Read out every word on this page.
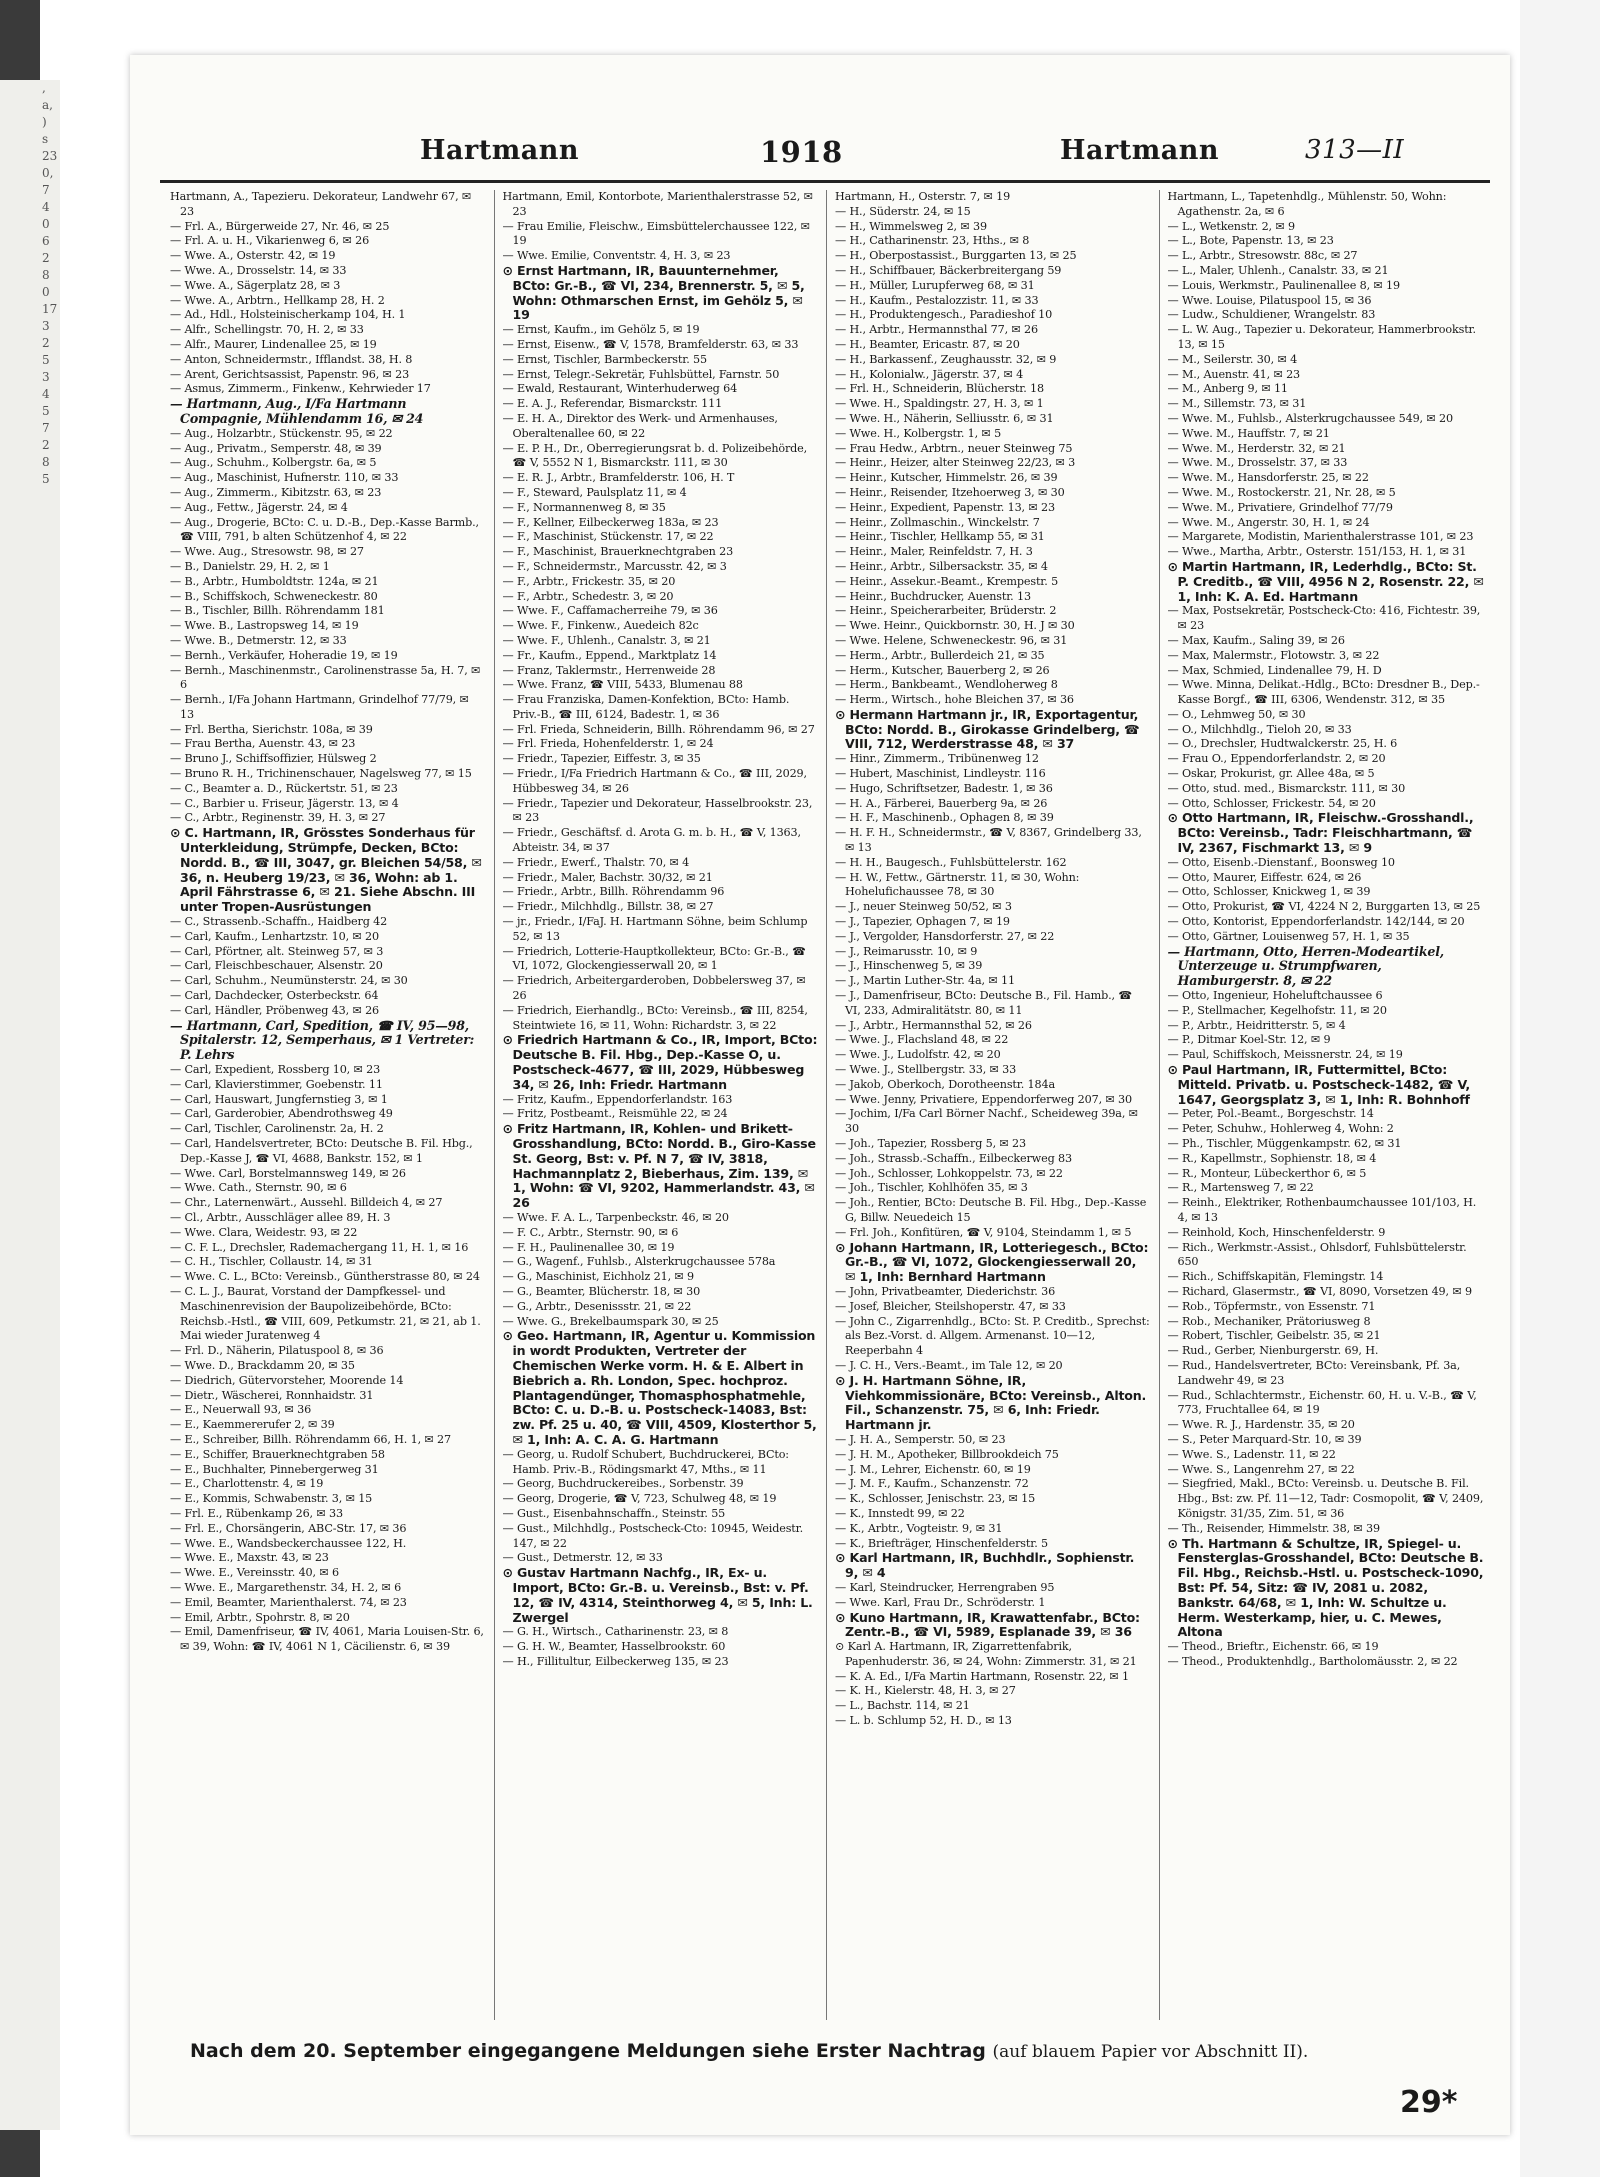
,
a,
)
s
23
0,
7
4
0
6
2
8
0
17
3
2
5
3
4
5
7
2
8
5
Hartmann	1918	Hartmann	313—II

Hartmann, A., Tapezieru. Dekorateur, Landwehr 67, ✉ 23

— Frl. A., Bürgerweide 27, Nr. 46, ✉ 25

— Frl. A. u. H., Vikarienweg 6, ✉ 26

— Wwe. A., Osterstr. 42, ✉ 19

— Wwe. A., Drosselstr. 14, ✉ 33

— Wwe. A., Sägerplatz 28, ✉ 3

— Wwe. A., Arbtrn., Hellkamp 28, H. 2

— Ad., Hdl., Holsteinischerkamp 104, H. 1

— Alfr., Schellingstr. 70, H. 2, ✉ 33

— Alfr., Maurer, Lindenallee 25, ✉ 19

— Anton, Schneidermstr., Ifflandst. 38, H. 8

— Arent, Gerichtsassist, Papenstr. 96, ✉ 23

— Asmus, Zimmerm., Finkenw., Kehrwieder 17

— Hartmann, Aug., I/Fa Hartmann Compagnie, Mühlendamm 16, ✉ 24

— Aug., Holzarbtr., Stückenstr. 95, ✉ 22

— Aug., Privatm., Semperstr. 48, ✉ 39

— Aug., Schuhm., Kolbergstr. 6a, ✉ 5

— Aug., Maschinist, Hufnerstr. 110, ✉ 33

— Aug., Zimmerm., Kibitzstr. 63, ✉ 23

— Aug., Fettw., Jägerstr. 24, ✉ 4

— Aug., Drogerie, BCto: C. u. D.-B., Dep.-Kasse Barmb., ☎ VIII, 791, b alten Schützenhof 4, ✉ 22

— Wwe. Aug., Stresowstr. 98, ✉ 27

— B., Danielstr. 29, H. 2, ✉ 1

— B., Arbtr., Humboldtstr. 124a, ✉ 21

— B., Schiffskoch, Schweneckestr. 80

— B., Tischler, Billh. Röhrendamm 181

— Wwe. B., Lastropsweg 14, ✉ 19

— Wwe. B., Detmerstr. 12, ✉ 33

— Bernh., Verkäufer, Hoheradie 19, ✉ 19

— Bernh., Maschinenmstr., Carolinenstrasse 5a, H. 7, ✉ 6

— Bernh., I/Fa Johann Hartmann, Grindelhof 77/79, ✉ 13

— Frl. Bertha, Sierichstr. 108a, ✉ 39

— Frau Bertha, Auenstr. 43, ✉ 23

— Bruno J., Schiffsoffizier, Hülsweg 2

— Bruno R. H., Trichinenschauer, Nagelsweg 77, ✉ 15

— C., Beamter a. D., Rückertstr. 51, ✉ 23

— C., Barbier u. Friseur, Jägerstr. 13, ✉ 4

— C., Arbtr., Reginenstr. 39, H. 3, ✉ 27

⊙ C. Hartmann, IR, Grösstes Sonderhaus für Unterkleidung, Strümpfe, Decken, BCto: Nordd. B., ☎ III, 3047, gr. Bleichen 54/58, ✉ 36, n. Heuberg 19/23, ✉ 36, Wohn: ab 1. April Fährstrasse 6, ✉ 21. Siehe Abschn. III unter Tropen-Ausrüstungen

— C., Strassenb.-Schaffn., Haidberg 42

— Carl, Kaufm., Lenhartzstr. 10, ✉ 20

— Carl, Pförtner, alt. Steinweg 57, ✉ 3

— Carl, Fleischbeschauer, Alsenstr. 20

— Carl, Schuhm., Neumünsterstr. 24, ✉ 30

— Carl, Dachdecker, Osterbeckstr. 64

— Carl, Händler, Pröbenweg 43, ✉ 26

— Hartmann, Carl, Spedition, ☎ IV, 95—98, Spitalerstr. 12, Semperhaus, ✉ 1 Vertreter: P. Lehrs

— Carl, Expedient, Rossberg 10, ✉ 23

— Carl, Klavierstimmer, Goebenstr. 11

— Carl, Hauswart, Jungfernstieg 3, ✉ 1

— Carl, Garderobier, Abendrothsweg 49

— Carl, Tischler, Carolinenstr. 2a, H. 2

— Carl, Handelsvertreter, BCto: Deutsche B. Fil. Hbg., Dep.-Kasse J, ☎ VI, 4688, Bankstr. 152, ✉ 1

— Wwe. Carl, Borstelmannsweg 149, ✉ 26

— Wwe. Cath., Sternstr. 90, ✉ 6

— Chr., Laternenwärt., Aussehl. Billdeich 4, ✉ 27

— Cl., Arbtr., Ausschläger allee 89, H. 3

— Wwe. Clara, Weidestr. 93, ✉ 22

— C. F. L., Drechsler, Rademachergang 11, H. 1, ✉ 16

— C. H., Tischler, Collaustr. 14, ✉ 31

— Wwe. C. L., BCto: Vereinsb., Güntherstrasse 80, ✉ 24

— C. L. J., Baurat, Vorstand der Dampfkessel- und Maschinenrevision der Baupolizeibehörde, BCto: Reichsb.-Hstl., ☎ VIII, 609, Petkumstr. 21, ✉ 21, ab 1. Mai wieder Juratenweg 4

— Frl. D., Näherin, Pilatuspool 8, ✉ 36

— Wwe. D., Brackdamm 20, ✉ 35

— Diedrich, Gütervorsteher, Moorende 14

— Dietr., Wäscherei, Ronnhaidstr. 31

— E., Neuerwall 93, ✉ 36

— E., Kaemmererufer 2, ✉ 39

— E., Schreiber, Billh. Röhrendamm 66, H. 1, ✉ 27

— E., Schiffer, Brauerknechtgraben 58

— E., Buchhalter, Pinnebergerweg 31

— E., Charlottenstr. 4, ✉ 19

— E., Kommis, Schwabenstr. 3, ✉ 15

— Frl. E., Rübenkamp 26, ✉ 33

— Frl. E., Chorsängerin, ABC-Str. 17, ✉ 36

— Wwe. E., Wandsbeckerchaussee 122, H.

— Wwe. E., Maxstr. 43, ✉ 23

— Wwe. E., Vereinsstr. 40, ✉ 6

— Wwe. E., Margarethenstr. 34, H. 2, ✉ 6

— Emil, Beamter, Marienthalerst. 74, ✉ 23

— Emil, Arbtr., Spohrstr. 8, ✉ 20

— Emil, Damenfriseur, ☎ IV, 4061, Maria Louisen-Str. 6, ✉ 39, Wohn: ☎ IV, 4061 N 1, Cäcilienstr. 6, ✉ 39

Hartmann, Emil, Kontorbote, Marienthalerstrasse 52, ✉ 23

— Frau Emilie, Fleischw., Eimsbüttelerchaussee 122, ✉ 19

— Wwe. Emilie, Conventstr. 4, H. 3, ✉ 23

⊙ Ernst Hartmann, IR, Bauunternehmer, BCto: Gr.-B., ☎ VI, 234, Brennerstr. 5, ✉ 5, Wohn: Othmarschen Ernst, im Gehölz 5, ✉ 19

— Ernst, Kaufm., im Gehölz 5, ✉ 19

— Ernst, Eisenw., ☎ V, 1578, Bramfelderstr. 63, ✉ 33

— Ernst, Tischler, Barmbeckerstr. 55

— Ernst, Telegr.-Sekretär, Fuhlsbüttel, Farnstr. 50

— Ewald, Restaurant, Winterhuderweg 64

— E. A. J., Referendar, Bismarckstr. 111

— E. H. A., Direktor des Werk- und Armenhauses, Oberaltenallee 60, ✉ 22

— E. P. H., Dr., Oberregierungsrat b. d. Polizeibehörde, ☎ V, 5552 N 1, Bismarckstr. 111, ✉ 30

— E. R. J., Arbtr., Bramfelderstr. 106, H. T

— F., Steward, Paulsplatz 11, ✉ 4

— F., Normannenweg 8, ✉ 35

— F., Kellner, Eilbeckerweg 183a, ✉ 23

— F., Maschinist, Stückenstr. 17, ✉ 22

— F., Maschinist, Brauerknechtgraben 23

— F., Schneidermstr., Marcusstr. 42, ✉ 3

— F., Arbtr., Frickestr. 35, ✉ 20

— F., Arbtr., Schedestr. 3, ✉ 20

— Wwe. F., Caffamacherreihe 79, ✉ 36

— Wwe. F., Finkenw., Auedeich 82c

— Wwe. F., Uhlenh., Canalstr. 3, ✉ 21

— Fr., Kaufm., Eppend., Marktplatz 14

— Franz, Taklermstr., Herrenweide 28

— Wwe. Franz, ☎ VIII, 5433, Blumenau 88

— Frau Franziska, Damen-Konfektion, BCto: Hamb. Priv.-B., ☎ III, 6124, Badestr. 1, ✉ 36

— Frl. Frieda, Schneiderin, Billh. Röhrendamm 96, ✉ 27

— Frl. Frieda, Hohenfelderstr. 1, ✉ 24

— Friedr., Tapezier, Eiffestr. 3, ✉ 35

— Friedr., I/Fa Friedrich Hartmann & Co., ☎ III, 2029, Hübbesweg 34, ✉ 26

— Friedr., Tapezier und Dekorateur, Hasselbrookstr. 23, ✉ 23

— Friedr., Geschäftsf. d. Arota G. m. b. H., ☎ V, 1363, Abteistr. 34, ✉ 37

— Friedr., Ewerf., Thalstr. 70, ✉ 4

— Friedr., Maler, Bachstr. 30/32, ✉ 21

— Friedr., Arbtr., Billh. Röhrendamm 96

— Friedr., Milchhdlg., Billstr. 38, ✉ 27

— jr., Friedr., I/FaJ. H. Hartmann Söhne, beim Schlump 52, ✉ 13

— Friedrich, Lotterie-Hauptkollekteur, BCto: Gr.-B., ☎ VI, 1072, Glockengiesserwall 20, ✉ 1

— Friedrich, Arbeitergarderoben, Dobbelersweg 37, ✉ 26

— Friedrich, Eierhandlg., BCto: Vereinsb., ☎ III, 8254, Steintwiete 16, ✉ 11, Wohn: Richardstr. 3, ✉ 22

⊙ Friedrich Hartmann & Co., IR, Import, BCto: Deutsche B. Fil. Hbg., Dep.-Kasse O, u. Postscheck-4677, ☎ III, 2029, Hübbesweg 34, ✉ 26, Inh: Friedr. Hartmann

— Fritz, Kaufm., Eppendorferlandstr. 163

— Fritz, Postbeamt., Reismühle 22, ✉ 24

⊙ Fritz Hartmann, IR, Kohlen- und Brikett-Grosshandlung, BCto: Nordd. B., Giro-Kasse St. Georg, Bst: v. Pf. N 7, ☎ IV, 3818, Hachmannplatz 2, Bieberhaus, Zim. 139, ✉ 1, Wohn: ☎ VI, 9202, Hammerlandstr. 43, ✉ 26

— Wwe. F. A. L., Tarpenbeckstr. 46, ✉ 20

— F. C., Arbtr., Sternstr. 90, ✉ 6

— F. H., Paulinenallee 30, ✉ 19

— G., Wagenf., Fuhlsb., Alsterkrugchaussee 578a

— G., Maschinist, Eichholz 21, ✉ 9

— G., Beamter, Blücherstr. 18, ✉ 30

— G., Arbtr., Desenissstr. 21, ✉ 22

— Wwe. G., Brekelbaumspark 30, ✉ 25

⊙ Geo. Hartmann, IR, Agentur u. Kommission in wordt Produkten, Vertreter der Chemischen Werke vorm. H. & E. Albert in Biebrich a. Rh. London, Spec. hochproz. Plantagendünger, Thomasphosphatmehle, BCto: C. u. D.-B. u. Postscheck-14083, Bst: zw. Pf. 25 u. 40, ☎ VIII, 4509, Klosterthor 5, ✉ 1, Inh: A. C. A. G. Hartmann

— Georg, u. Rudolf Schubert, Buchdruckerei, BCto: Hamb. Priv.-B., Rödingsmarkt 47, Mths., ✉ 11

— Georg, Buchdruckereibes., Sorbenstr. 39

— Georg, Drogerie, ☎ V, 723, Schulweg 48, ✉ 19

— Gust., Eisenbahnschaffn., Steinstr. 55

— Gust., Milchhdlg., Postscheck-Cto: 10945, Weidestr. 147, ✉ 22

— Gust., Detmerstr. 12, ✉ 33

⊙ Gustav Hartmann Nachfg., IR, Ex- u. Import, BCto: Gr.-B. u. Vereinsb., Bst: v. Pf. 12, ☎ IV, 4314, Steinthorweg 4, ✉ 5, Inh: L. Zwergel

— G. H., Wirtsch., Catharinenstr. 23, ✉ 8

— G. H. W., Beamter, Hasselbrookstr. 60

— H., Fillitultur, Eilbeckerweg 135, ✉ 23

Hartmann, H., Osterstr. 7, ✉ 19

— H., Süderstr. 24, ✉ 15

— H., Wimmelsweg 2, ✉ 39

— H., Catharinenstr. 23, Hths., ✉ 8

— H., Oberpostassist., Burggarten 13, ✉ 25

— H., Schiffbauer, Bäckerbreitergang 59

— H., Müller, Lurupferweg 68, ✉ 31

— H., Kaufm., Pestalozzistr. 11, ✉ 33

— H., Produktengesch., Paradieshof 10

— H., Arbtr., Hermannsthal 77, ✉ 26

— H., Beamter, Ericastr. 87, ✉ 20

— H., Barkassenf., Zeughausstr. 32, ✉ 9

— H., Kolonialw., Jägerstr. 37, ✉ 4

— Frl. H., Schneiderin, Blücherstr. 18

— Wwe. H., Spaldingstr. 27, H. 3, ✉ 1

— Wwe. H., Näherin, Selliusstr. 6, ✉ 31

— Wwe. H., Kolbergstr. 1, ✉ 5

— Frau Hedw., Arbtrn., neuer Steinweg 75

— Heinr., Heizer, alter Steinweg 22/23, ✉ 3

— Heinr., Kutscher, Himmelstr. 26, ✉ 39

— Heinr., Reisender, Itzehoerweg 3, ✉ 30

— Heinr., Expedient, Papenstr. 13, ✉ 23

— Heinr., Zollmaschin., Winckelstr. 7

— Heinr., Tischler, Hellkamp 55, ✉ 31

— Heinr., Maler, Reinfeldstr. 7, H. 3

— Heinr., Arbtr., Silbersackstr. 35, ✉ 4

— Heinr., Assekur.-Beamt., Krempestr. 5

— Heinr., Buchdrucker, Auenstr. 13

— Heinr., Speicherarbeiter, Brüderstr. 2

— Wwe. Heinr., Quickbornstr. 30, H. J ✉ 30

— Wwe. Helene, Schweneckestr. 96, ✉ 31

— Herm., Arbtr., Bullerdeich 21, ✉ 35

— Herm., Kutscher, Bauerberg 2, ✉ 26

— Herm., Bankbeamt., Wendloherweg 8

— Herm., Wirtsch., hohe Bleichen 37, ✉ 36

⊙ Hermann Hartmann jr., IR, Exportagentur, BCto: Nordd. B., Girokasse Grindelberg, ☎ VIII, 712, Werderstrasse 48, ✉ 37

— Hinr., Zimmerm., Tribünenweg 12

— Hubert, Maschinist, Lindleystr. 116

— Hugo, Schriftsetzer, Badestr. 1, ✉ 36

— H. A., Färberei, Bauerberg 9a, ✉ 26

— H. F., Maschinenb., Ophagen 8, ✉ 39

— H. F. H., Schneidermstr., ☎ V, 8367, Grindelberg 33, ✉ 13

— H. H., Baugesch., Fuhlsbüttelerstr. 162

— H. W., Fettw., Gärtnerstr. 11, ✉ 30, Wohn: Hohelufichaussee 78, ✉ 30

— J., neuer Steinweg 50/52, ✉ 3

— J., Tapezier, Ophagen 7, ✉ 19

— J., Vergolder, Hansdorferstr. 27, ✉ 22

— J., Reimarusstr. 10, ✉ 9

— J., Hinschenweg 5, ✉ 39

— J., Martin Luther-Str. 4a, ✉ 11

— J., Damenfriseur, BCto: Deutsche B., Fil. Hamb., ☎ VI, 233, Admiralitätstr. 80, ✉ 11

— J., Arbtr., Hermannsthal 52, ✉ 26

— Wwe. J., Flachsland 48, ✉ 22

— Wwe. J., Ludolfstr. 42, ✉ 20

— Wwe. J., Stellbergstr. 33, ✉ 33

— Jakob, Oberkoch, Dorotheenstr. 184a

— Wwe. Jenny, Privatiere, Eppendorferweg 207, ✉ 30

— Jochim, I/Fa Carl Börner Nachf., Scheideweg 39a, ✉ 30

— Joh., Tapezier, Rossberg 5, ✉ 23

— Joh., Strassb.-Schaffn., Eilbeckerweg 83

— Joh., Schlosser, Lohkoppelstr. 73, ✉ 22

— Joh., Tischler, Kohlhöfen 35, ✉ 3

— Joh., Rentier, BCto: Deutsche B. Fil. Hbg., Dep.-Kasse G, Billw. Neuedeich 15

— Frl. Joh., Konfitüren, ☎ V, 9104, Steindamm 1, ✉ 5

⊙ Johann Hartmann, IR, Lotteriegesch., BCto: Gr.-B., ☎ VI, 1072, Glockengiesserwall 20, ✉ 1, Inh: Bernhard Hartmann

— John, Privatbeamter, Diederichstr. 36

— Josef, Bleicher, Steilshoperstr. 47, ✉ 33

— John C., Zigarrenhdlg., BCto: St. P. Creditb., Sprechst: als Bez.-Vorst. d. Allgem. Armenanst. 10—12, Reeperbahn 4

— J. C. H., Vers.-Beamt., im Tale 12, ✉ 20

⊙ J. H. Hartmann Söhne, IR, Viehkommissionäre, BCto: Vereinsb., Alton. Fil., Schanzenstr. 75, ✉ 6, Inh: Friedr. Hartmann jr.

— J. H. A., Semperstr. 50, ✉ 23

— J. H. M., Apotheker, Billbrookdeich 75

— J. M., Lehrer, Eichenstr. 60, ✉ 19

— J. M. F., Kaufm., Schanzenstr. 72

— K., Schlosser, Jenischstr. 23, ✉ 15

— K., Innstedt 99, ✉ 22

— K., Arbtr., Vogteistr. 9, ✉ 31

— K., Briefträger, Hinschenfelderstr. 5

⊙ Karl Hartmann, IR, Buchhdlr., Sophienstr. 9, ✉ 4

— Karl, Steindrucker, Herrengraben 95

— Wwe. Karl, Frau Dr., Schröderstr. 1

⊙ Kuno Hartmann, IR, Krawattenfabr., BCto: Zentr.-B., ☎ VI, 5989, Esplanade 39, ✉ 36

⊙ Karl A. Hartmann, IR, Zigarrettenfabrik, Papenhuderstr. 36, ✉ 24, Wohn: Zimmerstr. 31, ✉ 21

— K. A. Ed., I/Fa Martin Hartmann, Rosenstr. 22, ✉ 1

— K. H., Kielerstr. 48, H. 3, ✉ 27

— L., Bachstr. 114, ✉ 21

— L. b. Schlump 52, H. D., ✉ 13

Hartmann, L., Tapetenhdlg., Mühlenstr. 50, Wohn: Agathenstr. 2a, ✉ 6

— L., Wetkenstr. 2, ✉ 9

— L., Bote, Papenstr. 13, ✉ 23

— L., Arbtr., Stresowstr. 88c, ✉ 27

— L., Maler, Uhlenh., Canalstr. 33, ✉ 21

— Louis, Werkmstr., Paulinenallee 8, ✉ 19

— Wwe. Louise, Pilatuspool 15, ✉ 36

— Ludw., Schuldiener, Wrangelstr. 83

— L. W. Aug., Tapezier u. Dekorateur, Hammerbrookstr. 13, ✉ 15

— M., Seilerstr. 30, ✉ 4

— M., Auenstr. 41, ✉ 23

— M., Anberg 9, ✉ 11

— M., Sillemstr. 73, ✉ 31

— Wwe. M., Fuhlsb., Alsterkrugchaussee 549, ✉ 20

— Wwe. M., Hauffstr. 7, ✉ 21

— Wwe. M., Herderstr. 32, ✉ 21

— Wwe. M., Drosselstr. 37, ✉ 33

— Wwe. M., Hansdorferstr. 25, ✉ 22

— Wwe. M., Rostockerstr. 21, Nr. 28, ✉ 5

— Wwe. M., Privatiere, Grindelhof 77/79

— Wwe. M., Angerstr. 30, H. 1, ✉ 24

— Margarete, Modistin, Marienthalerstrasse 101, ✉ 23

— Wwe., Martha, Arbtr., Osterstr. 151/153, H. 1, ✉ 31

⊙ Martin Hartmann, IR, Lederhdlg., BCto: St. P. Creditb., ☎ VIII, 4956 N 2, Rosenstr. 22, ✉ 1, Inh: K. A. Ed. Hartmann

— Max, Postsekretär, Postscheck-Cto: 416, Fichtestr. 39, ✉ 23

— Max, Kaufm., Saling 39, ✉ 26

— Max, Malermstr., Flotowstr. 3, ✉ 22

— Max, Schmied, Lindenallee 79, H. D

— Wwe. Minna, Delikat.-Hdlg., BCto: Dresdner B., Dep.-Kasse Borgf., ☎ III, 6306, Wendenstr. 312, ✉ 35

— O., Lehmweg 50, ✉ 30

— O., Milchhdlg., Tieloh 20, ✉ 33

— O., Drechsler, Hudtwalckerstr. 25, H. 6

— Frau O., Eppendorferlandstr. 2, ✉ 20

— Oskar, Prokurist, gr. Allee 48a, ✉ 5

— Otto, stud. med., Bismarckstr. 111, ✉ 30

— Otto, Schlosser, Frickestr. 54, ✉ 20

⊙ Otto Hartmann, IR, Fleischw.-Grosshandl., BCto: Vereinsb., Tadr: Fleischhartmann, ☎ IV, 2367, Fischmarkt 13, ✉ 9

— Otto, Eisenb.-Dienstanf., Boonsweg 10

— Otto, Maurer, Eiffestr. 624, ✉ 26

— Otto, Schlosser, Knickweg 1, ✉ 39

— Otto, Prokurist, ☎ VI, 4224 N 2, Burggarten 13, ✉ 25

— Otto, Kontorist, Eppendorferlandstr. 142/144, ✉ 20

— Otto, Gärtner, Louisenweg 57, H. 1, ✉ 35

— Hartmann, Otto, Herren-Modeartikel, Unterzeuge u. Strumpfwaren, Hamburgerstr. 8, ✉ 22

— Otto, Ingenieur, Hoheluftchaussee 6

— P., Stellmacher, Kegelhofstr. 11, ✉ 20

— P., Arbtr., Heidritterstr. 5, ✉ 4

— P., Ditmar Koel-Str. 12, ✉ 9

— Paul, Schiffskoch, Meissnerstr. 24, ✉ 19

⊙ Paul Hartmann, IR, Futtermittel, BCto: Mitteld. Privatb. u. Postscheck-1482, ☎ V, 1647, Georgsplatz 3, ✉ 1, Inh: R. Bohnhoff

— Peter, Pol.-Beamt., Borgeschstr. 14

— Peter, Schuhw., Hohlerweg 4, Wohn: 2

— Ph., Tischler, Müggenkampstr. 62, ✉ 31

— R., Kapellmstr., Sophienstr. 18, ✉ 4

— R., Monteur, Lübeckerthor 6, ✉ 5

— R., Martensweg 7, ✉ 22

— Reinh., Elektriker, Rothenbaumchaussee 101/103, H. 4, ✉ 13

— Reinhold, Koch, Hinschenfelderstr. 9

— Rich., Werkmstr.-Assist., Ohlsdorf, Fuhlsbüttelerstr. 650

— Rich., Schiffskapitän, Flemingstr. 14

— Richard, Glasermstr., ☎ VI, 8090, Vorsetzen 49, ✉ 9

— Rob., Töpfermstr., von Essenstr. 71

— Rob., Mechaniker, Prätoriusweg 8

— Robert, Tischler, Geibelstr. 35, ✉ 21

— Rud., Gerber, Nienburgerstr. 69, H.

— Rud., Handelsvertreter, BCto: Vereinsbank, Pf. 3a, Landwehr 49, ✉ 23

— Rud., Schlachtermstr., Eichenstr. 60, H. u. V.-B., ☎ V, 773, Fruchtallee 64, ✉ 19

— Wwe. R. J., Hardenstr. 35, ✉ 20

— S., Peter Marquard-Str. 10, ✉ 39

— Wwe. S., Ladenstr. 11, ✉ 22

— Wwe. S., Langenrehm 27, ✉ 22

— Siegfried, Makl., BCto: Vereinsb. u. Deutsche B. Fil. Hbg., Bst: zw. Pf. 11—12, Tadr: Cosmopolit, ☎ V, 2409, Königstr. 31/35, Zim. 51, ✉ 36

— Th., Reisender, Himmelstr. 38, ✉ 39

⊙ Th. Hartmann & Schultze, IR, Spiegel- u. Fensterglas-Grosshandel, BCto: Deutsche B. Fil. Hbg., Reichsb.-Hstl. u. Postscheck-1090, Bst: Pf. 54, Sitz: ☎ IV, 2081 u. 2082, Bankstr. 64/68, ✉ 1, Inh: W. Schultze u. Herm. Westerkamp, hier, u. C. Mewes, Altona

— Theod., Brieftr., Eichenstr. 66, ✉ 19

— Theod., Produktenhdlg., Bartholomäusstr. 2, ✉ 22

Nach dem 20. September eingegangene Meldungen siehe Erster Nachtrag (auf blauem Papier vor Abschnitt II).
29*
